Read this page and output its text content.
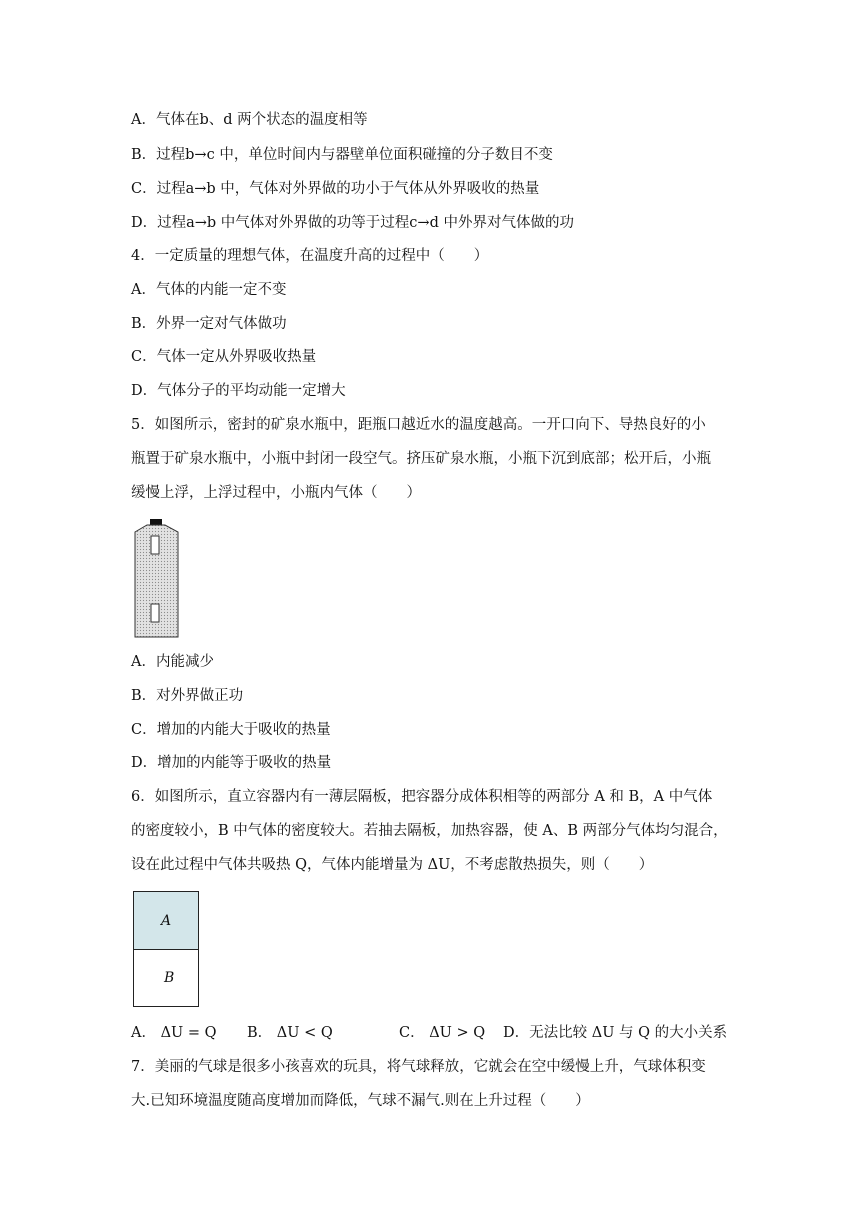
A．气体在b、d 两个状态的温度相等
B．过程b→c 中，单位时间内与器壁单位面积碰撞的分子数目不变
C．过程a→b 中，气体对外界做的功小于气体从外界吸收的热量
D．过程a→b 中气体对外界做的功等于过程c→d 中外界对气体做的功
4．一定质量的理想气体，在温度升高的过程中（　　）
A．气体的内能一定不变
B．外界一定对气体做功
C．气体一定从外界吸收热量
D．气体分子的平均动能一定增大
5．如图所示，密封的矿泉水瓶中，距瓶口越近水的温度越高。一开口向下、导热良好的小
瓶置于矿泉水瓶中，小瓶中封闭一段空气。挤压矿泉水瓶，小瓶下沉到底部；松开后，小瓶
缓慢上浮，上浮过程中，小瓶内气体（　　）
A．内能减少
B．对外界做正功
C．增加的内能大于吸收的热量
D．增加的内能等于吸收的热量
6．如图所示，直立容器内有一薄层隔板，把容器分成体积相等的两部分 A 和 B，A 中气体
的密度较小，B 中气体的密度较大。若抽去隔板，加热容器，使 A、B 两部分气体均匀混合，
设在此过程中气体共吸热 Q，气体内能增量为 ΔU，不考虑散热损失，则（　　）
A
B
A． ΔU = Q B． ΔU < Q	C． ΔU > Q D．无法比较 ΔU 与 Q 的大小关系
7．美丽的气球是很多小孩喜欢的玩具，将气球释放，它就会在空中缓慢上升，气球体积变
大.已知环境温度随高度增加而降低，气球不漏气.则在上升过程（　　）
